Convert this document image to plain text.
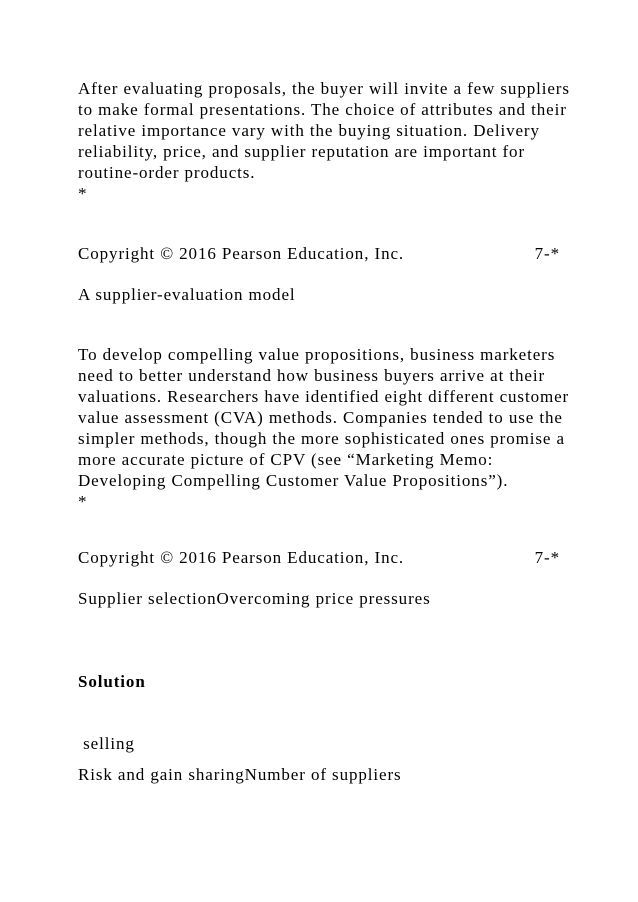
After evaluating proposals, the buyer will invite a few suppliers
to make formal presentations. The choice of attributes and their
relative importance vary with the buying situation. Delivery
reliability, price, and supplier reputation are important for
routine-order products.
*
Copyright © 2016 Pearson Education, Inc.	7-*
A supplier-evaluation model
To develop compelling value propositions, business marketers
need to better understand how business buyers arrive at their
valuations. Researchers have identified eight different customer
value assessment (CVA) methods. Companies tended to use the
simpler methods, though the more sophisticated ones promise a
more accurate picture of CPV (see “Marketing Memo:
Developing Compelling Customer Value Propositions”).
*
Copyright © 2016 Pearson Education, Inc.	7-*
Supplier selectionOvercoming price pressures
Solution
selling
Risk and gain sharingNumber of suppliers
